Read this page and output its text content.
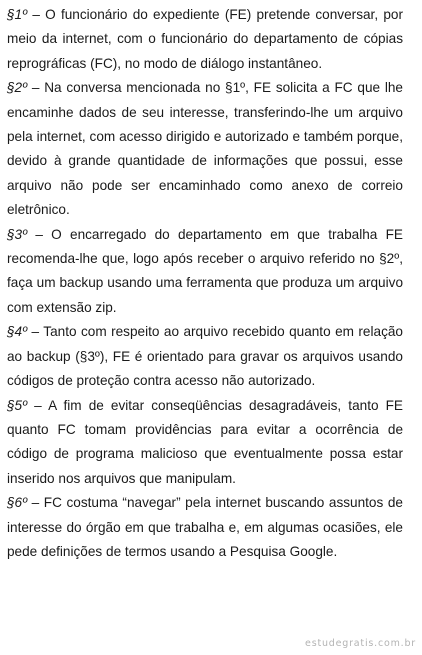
§1º – O funcionário do expediente (FE) pretende conversar, por meio da internet, com o funcionário do departamento de cópias reprográficas (FC), no modo de diálogo instantâneo.

§2º – Na conversa mencionada no §1º, FE solicita a FC que lhe encaminhe dados de seu interesse, transferindo-lhe um arquivo pela internet, com acesso dirigido e autorizado e também porque, devido à grande quantidade de informações que possui, esse arquivo não pode ser encaminhado como anexo de correio eletrônico.

§3º – O encarregado do departamento em que trabalha FE recomenda-lhe que, logo após receber o arquivo referido no §2º, faça um backup usando uma ferramenta que produza um arquivo com extensão zip.

§4º – Tanto com respeito ao arquivo recebido quanto em relação ao backup (§3º), FE é orientado para gravar os arquivos usando códigos de proteção contra acesso não autorizado.

§5º – A fim de evitar conseqüências desagradáveis, tanto FE quanto FC tomam providências para evitar a ocorrência de código de programa malicioso que eventualmente possa estar inserido nos arquivos que manipulam.

§6º – FC costuma “navegar” pela internet buscando assuntos de interesse do órgão em que trabalha e, em algumas ocasiões, ele pede definições de termos usando a Pesquisa Google.

estudegratis.com.br
